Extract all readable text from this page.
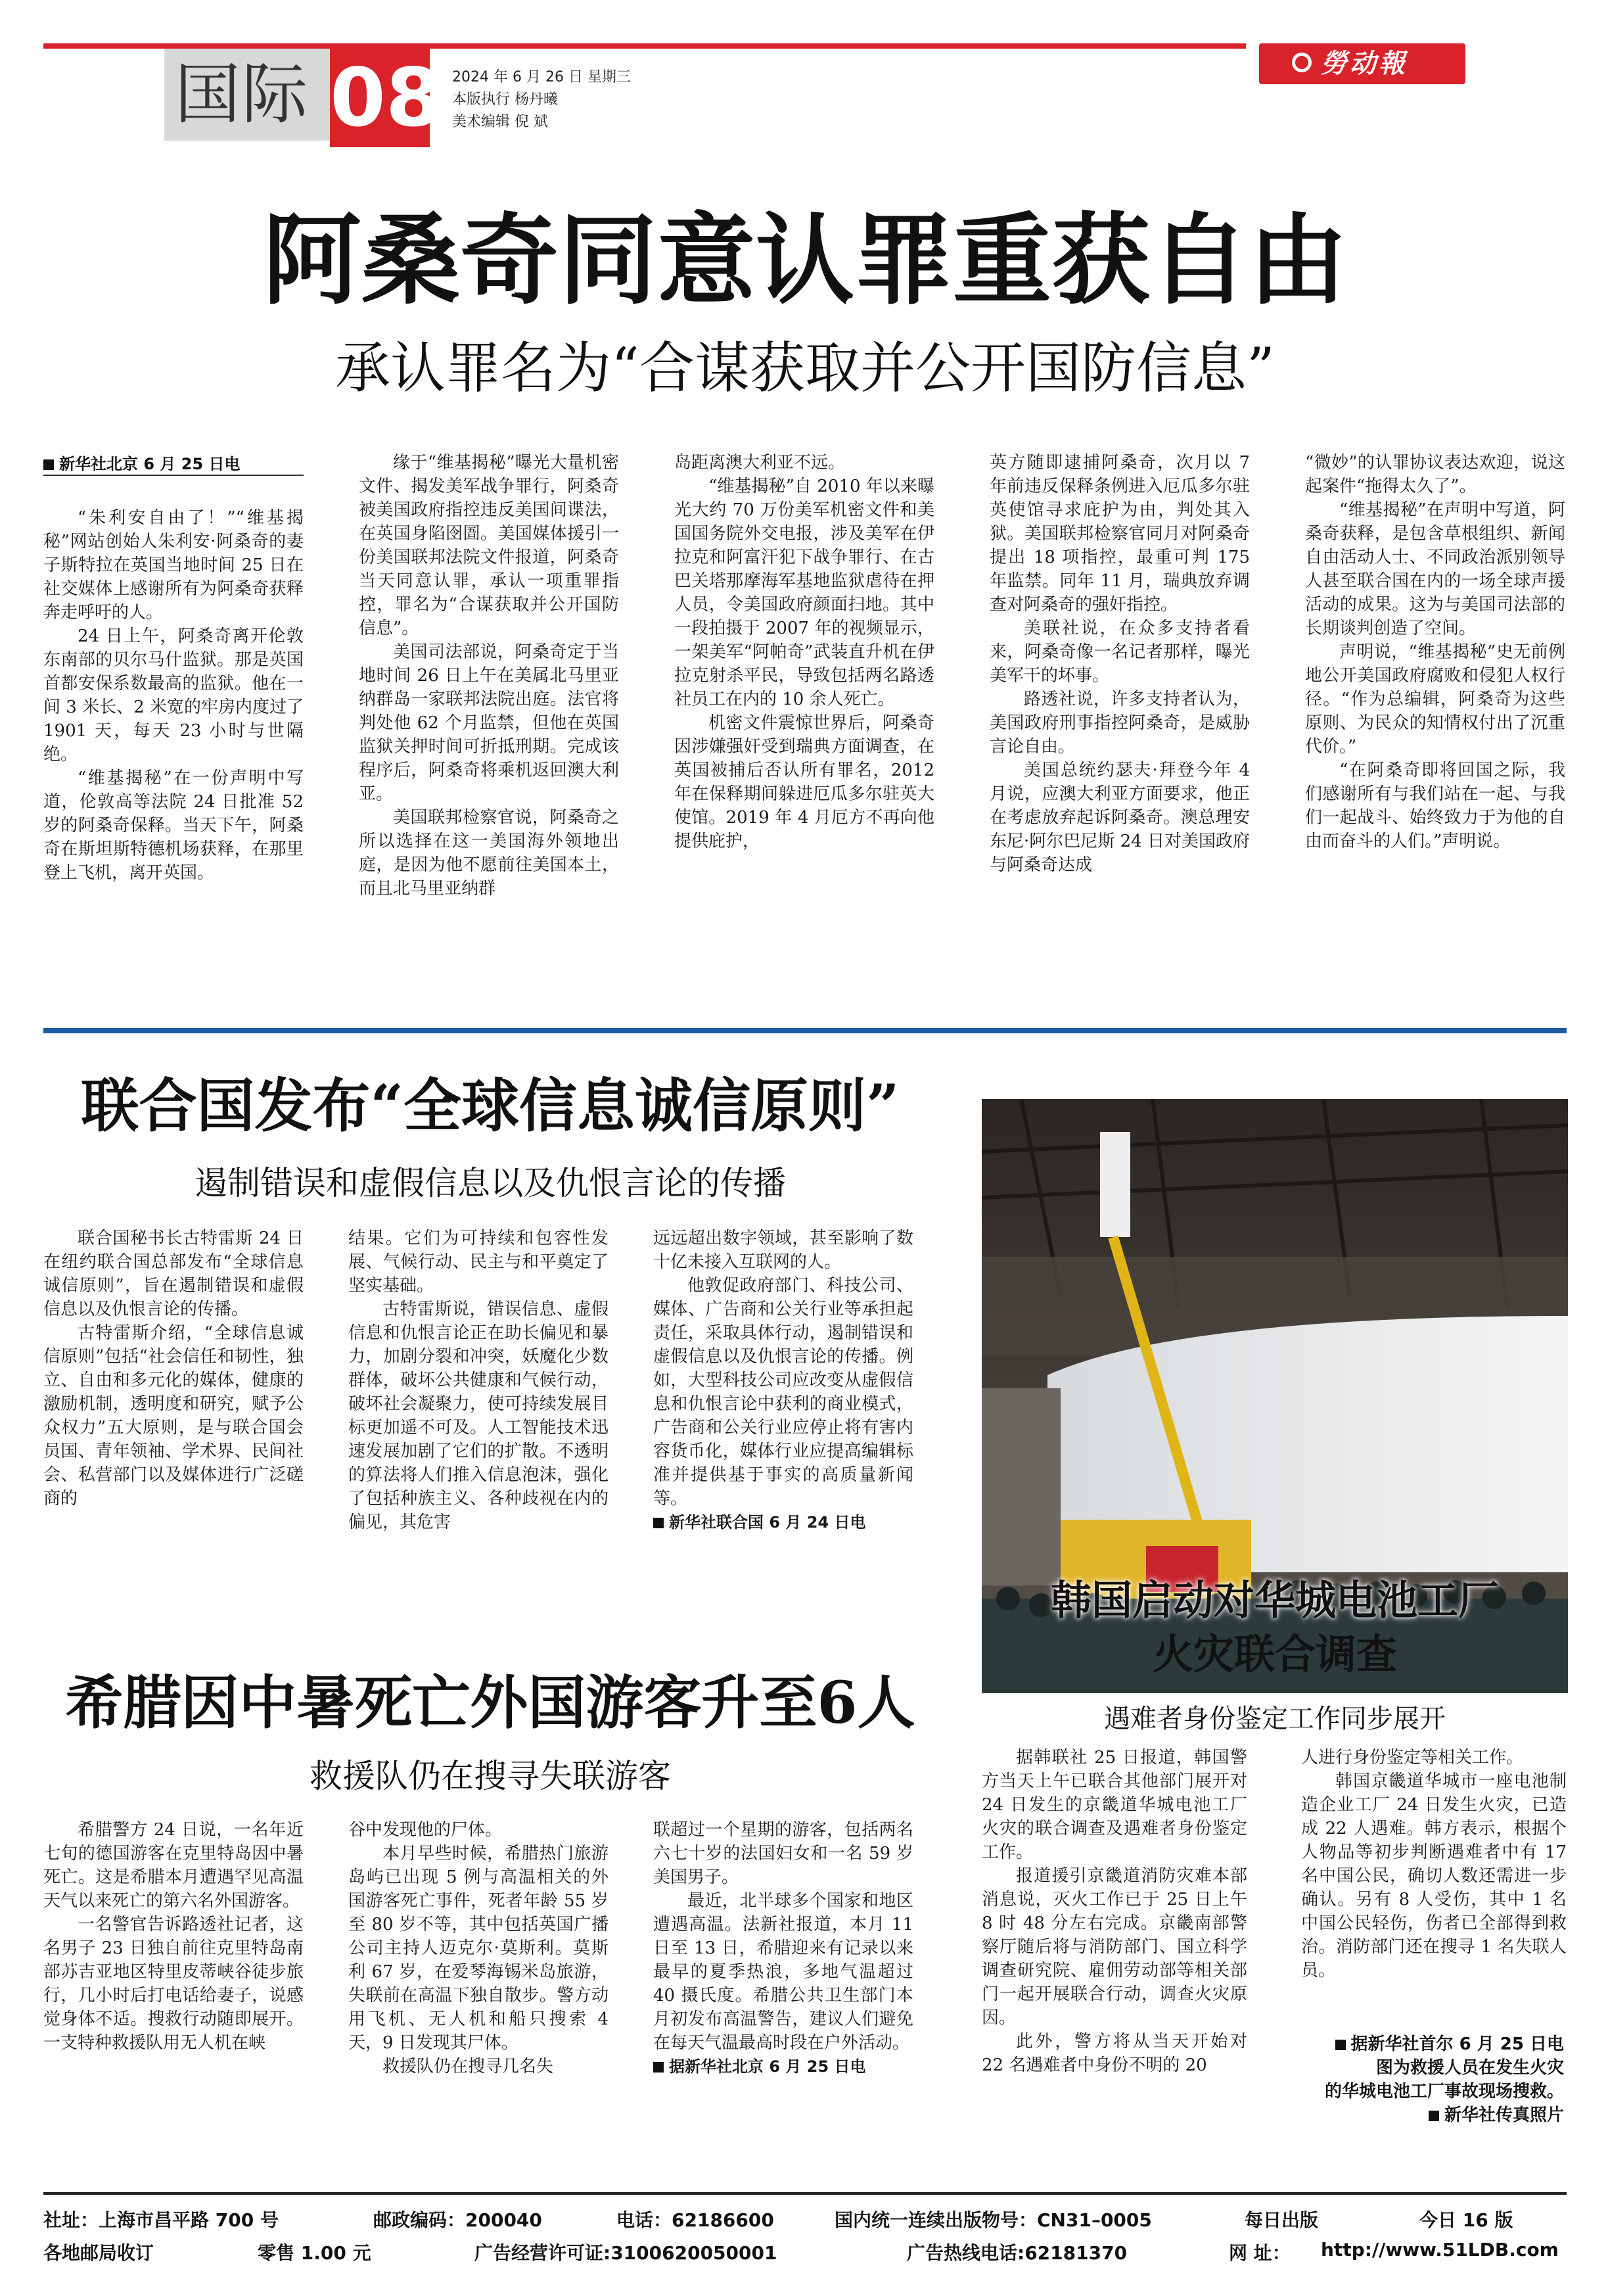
国际 08 2024 年 6 月 26 日 星期三
本版执行 杨丹曦
美术编辑 倪 斌
勞动報
阿桑奇同意认罪重获自由
承认罪名为“合谋获取并公开国防信息”
新华社北京 6 月 25 日电

“朱利安自由了！”“维基揭秘”网站创始人朱利安·阿桑奇的妻子斯特拉在英国当地时间 25 日在社交媒体上感谢所有为阿桑奇获释奔走呼吁的人。

24 日上午，阿桑奇离开伦敦东南部的贝尔马什监狱。那是英国首都安保系数最高的监狱。他在一间 3 米长、2 米宽的牢房内度过了 1901 天，每天 23 小时与世隔绝。

“维基揭秘”在一份声明中写道，伦敦高等法院 24 日批准 52 岁的阿桑奇保释。当天下午，阿桑奇在斯坦斯特德机场获释，在那里登上飞机，离开英国。

缘于“维基揭秘”曝光大量机密文件、揭发美军战争罪行，阿桑奇被美国政府指控违反美国间谍法，在英国身陷囹圄。美国媒体援引一份美国联邦法院文件报道，阿桑奇当天同意认罪，承认一项重罪指控，罪名为“合谋获取并公开国防信息”。

美国司法部说，阿桑奇定于当地时间 26 日上午在美属北马里亚纳群岛一家联邦法院出庭。法官将判处他 62 个月监禁，但他在英国监狱关押时间可折抵刑期。完成该程序后，阿桑奇将乘机返回澳大利亚。

美国联邦检察官说，阿桑奇之所以选择在这一美国海外领地出庭，是因为他不愿前往美国本土，而且北马里亚纳群

岛距离澳大利亚不远。

“维基揭秘”自 2010 年以来曝光大约 70 万份美军机密文件和美国国务院外交电报，涉及美军在伊拉克和阿富汗犯下战争罪行、在古巴关塔那摩海军基地监狱虐待在押人员，令美国政府颜面扫地。其中一段拍摄于 2007 年的视频显示，一架美军“阿帕奇”武装直升机在伊拉克射杀平民，导致包括两名路透社员工在内的 10 余人死亡。

机密文件震惊世界后，阿桑奇因涉嫌强奸受到瑞典方面调查，在英国被捕后否认所有罪名，2012 年在保释期间躲进厄瓜多尔驻英大使馆。2019 年 4 月厄方不再向他提供庇护，

英方随即逮捕阿桑奇，次月以 7 年前违反保释条例进入厄瓜多尔驻英使馆寻求庇护为由，判处其入狱。美国联邦检察官同月对阿桑奇提出 18 项指控，最重可判 175 年监禁。同年 11 月，瑞典放弃调查对阿桑奇的强奸指控。

美联社说，在众多支持者看来，阿桑奇像一名记者那样，曝光美军干的坏事。

路透社说，许多支持者认为，美国政府刑事指控阿桑奇，是威胁言论自由。

美国总统约瑟夫·拜登今年 4 月说，应澳大利亚方面要求，他正在考虑放弃起诉阿桑奇。澳总理安东尼·阿尔巴尼斯 24 日对美国政府与阿桑奇达成

“微妙”的认罪协议表达欢迎，说这起案件“拖得太久了”。

“维基揭秘”在声明中写道，阿桑奇获释，是包含草根组织、新闻自由活动人士、不同政治派别领导人甚至联合国在内的一场全球声援活动的成果。这为与美国司法部的长期谈判创造了空间。

声明说，“维基揭秘”史无前例地公开美国政府腐败和侵犯人权行径。“作为总编辑，阿桑奇为这些原则、为民众的知情权付出了沉重代价。”

“在阿桑奇即将回国之际，我们感谢所有与我们站在一起、与我们一起战斗、始终致力于为他的自由而奋斗的人们。”声明说。

联合国发布“全球信息诚信原则”
遏制错误和虚假信息以及仇恨言论的传播

联合国秘书长古特雷斯 24 日在纽约联合国总部发布“全球信息诚信原则”，旨在遏制错误和虚假信息以及仇恨言论的传播。

古特雷斯介绍，“全球信息诚信原则”包括“社会信任和韧性，独立、自由和多元化的媒体，健康的激励机制，透明度和研究，赋予公众权力”五大原则，是与联合国会员国、青年领袖、学术界、民间社会、私营部门以及媒体进行广泛磋商的

结果。它们为可持续和包容性发展、气候行动、民主与和平奠定了坚实基础。

古特雷斯说，错误信息、虚假信息和仇恨言论正在助长偏见和暴力，加剧分裂和冲突，妖魔化少数群体，破坏公共健康和气候行动，破坏社会凝聚力，使可持续发展目标更加遥不可及。人工智能技术迅速发展加剧了它们的扩散。不透明的算法将人们推入信息泡沫，强化了包括种族主义、各种歧视在内的偏见，其危害

远远超出数字领域，甚至影响了数十亿未接入互联网的人。

他敦促政府部门、科技公司、媒体、广告商和公关行业等承担起责任，采取具体行动，遏制错误和虚假信息以及仇恨言论的传播。例如，大型科技公司应改变从虚假信息和仇恨言论中获利的商业模式，广告商和公关行业应停止将有害内容货币化，媒体行业应提高编辑标准并提供基于事实的高质量新闻等。

新华社联合国 6 月 24 日电

希腊因中暑死亡外国游客升至6人
救援队仍在搜寻失联游客

希腊警方 24 日说，一名年近七旬的德国游客在克里特岛因中暑死亡。这是希腊本月遭遇罕见高温天气以来死亡的第六名外国游客。

一名警官告诉路透社记者，这名男子 23 日独自前往克里特岛南部苏吉亚地区特里皮蒂峡谷徒步旅行，几小时后打电话给妻子，说感觉身体不适。搜救行动随即展开。一支特种救援队用无人机在峡

谷中发现他的尸体。

本月早些时候，希腊热门旅游岛屿已出现 5 例与高温相关的外国游客死亡事件，死者年龄 55 岁至 80 岁不等，其中包括英国广播公司主持人迈克尔·莫斯利。莫斯利 67 岁，在爱琴海锡米岛旅游，失联前在高温下独自散步。警方动用飞机、无人机和船只搜索 4 天，9 日发现其尸体。

救援队仍在搜寻几名失

联超过一个星期的游客，包括两名六七十岁的法国妇女和一名 59 岁美国男子。

最近，北半球多个国家和地区遭遇高温。法新社报道，本月 11 日至 13 日，希腊迎来有记录以来最早的夏季热浪，多地气温超过 40 摄氏度。希腊公共卫生部门本月初发布高温警告，建议人们避免在每天气温最高时段在户外活动。

据新华社北京 6 月 25 日电

韩国启动对华城电池工厂
火灾联合调查
遇难者身份鉴定工作同步展开

据韩联社 25 日报道，韩国警方当天上午已联合其他部门展开对 24 日发生的京畿道华城电池工厂火灾的联合调查及遇难者身份鉴定工作。

报道援引京畿道消防灾难本部消息说，灭火工作已于 25 日上午 8 时 48 分左右完成。京畿南部警察厅随后将与消防部门、国立科学调查研究院、雇佣劳动部等相关部门一起开展联合行动，调查火灾原因。

此外，警方将从当天开始对 22 名遇难者中身份不明的 20

人进行身份鉴定等相关工作。

韩国京畿道华城市一座电池制造企业工厂 24 日发生火灾，已造成 22 人遇难。韩方表示，根据个人物品等初步判断遇难者中有 17 名中国公民，确切人数还需进一步确认。另有 8 人受伤，其中 1 名中国公民轻伤，伤者已全部得到救治。消防部门还在搜寻 1 名失联人员。

据新华社首尔 6 月 25 日电
图为救援人员在发生火灾
的华城电池工厂事故现场搜救。
新华社传真照片
社址：上海市昌平路 700 号	邮政编码：200040	电话：62186600	国内统一连续出版物号：CN31–0005	每日出版	今日 16 版
各地邮局收订	零售 1.00 元	广告经营许可证:3100620050001	广告热线电话:62181370	网 址： http://www.51LDB.com
